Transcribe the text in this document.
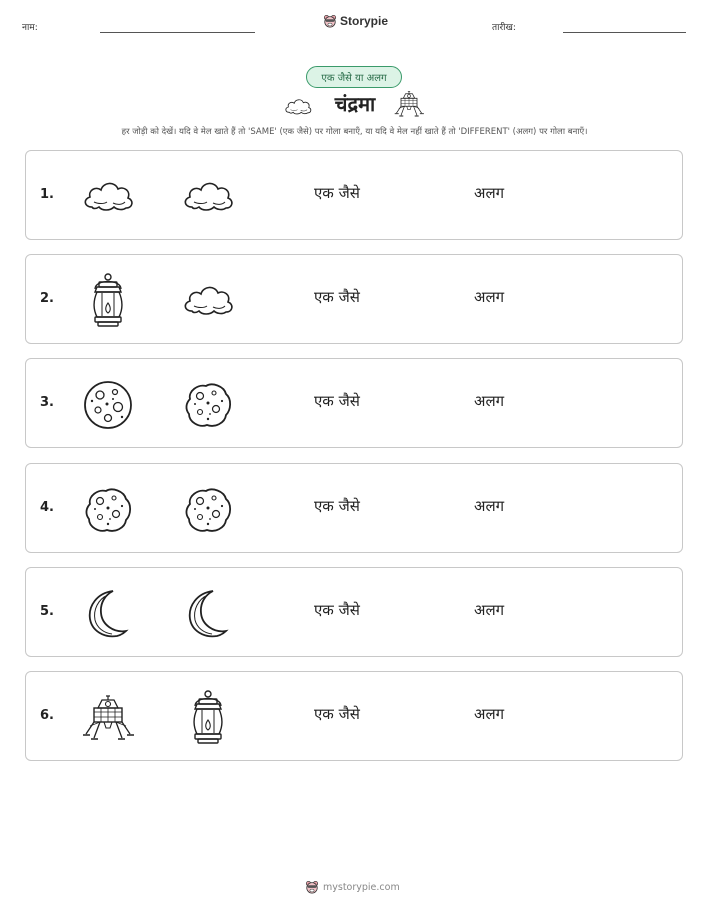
नाम:	Storypie	तारीख:
एक जैसे या अलग
चंद्रमा
हर जोड़ी को देखें। यदि वे मेल खाते हैं तो 'SAME' (एक जैसे) पर गोला बनाएँ, या यदि वे मेल नहीं खाते हैं तो 'DIFFERENT' (अलग) पर गोला बनाएँ।
1.	एक जैसे	अलग
2.	एक जैसे	अलग
3.	एक जैसे	अलग
4.	एक जैसे	अलग
5.	एक जैसे	अलग
6.	एक जैसे	अलग
mystorypie.com
